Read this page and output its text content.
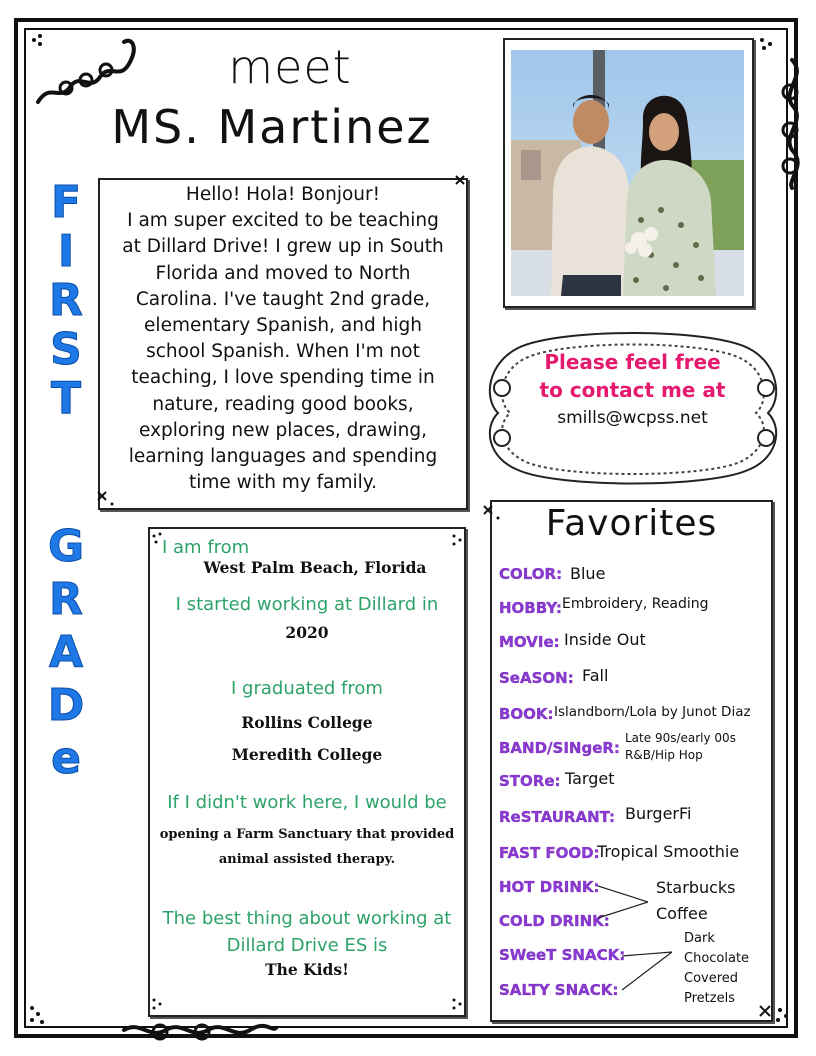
meet
MS. Martinez
F
I
R
S
T
G
R
A
D
e
Hello! Hola! Bonjour!
I am super excited to be teaching
at Dillard Drive! I grew up in South
Florida and moved to North
Carolina. I've taught 2nd grade,
elementary Spanish, and high
school Spanish. When I'm not
teaching, I love spending time in
nature, reading good books,
exploring new places, drawing,
learning languages and spending
time with my family.
Please feel free
to contact me at
smills@wcpss.net
I am from
West Palm Beach, Florida
I started working at Dillard in
2020
I graduated from
Rollins College
Meredith College
If I didn't work here, I would be
opening a Farm Sanctuary that provided
animal assisted therapy.
The best thing about working at
Dillard Drive ES is
The Kids!
Favorites
COLOR: Blue
HOBBY: Embroidery, Reading
MOVIe: Inside Out
SeASON: Fall
BOOK: Islandborn/Lola by Junot Diaz
BAND/SINgeR:
Late 90s/early 00s
R&B/Hip Hop
STORe: Target
ReSTAURANT: BurgerFi
FAST FOOD:
Tropical Smoothie
HOT DRINK:
COLD DRINK:
Starbucks
Coffee
SWeeT SNACK:
SALTY SNACK:
Dark
Chocolate
Covered
Pretzels
